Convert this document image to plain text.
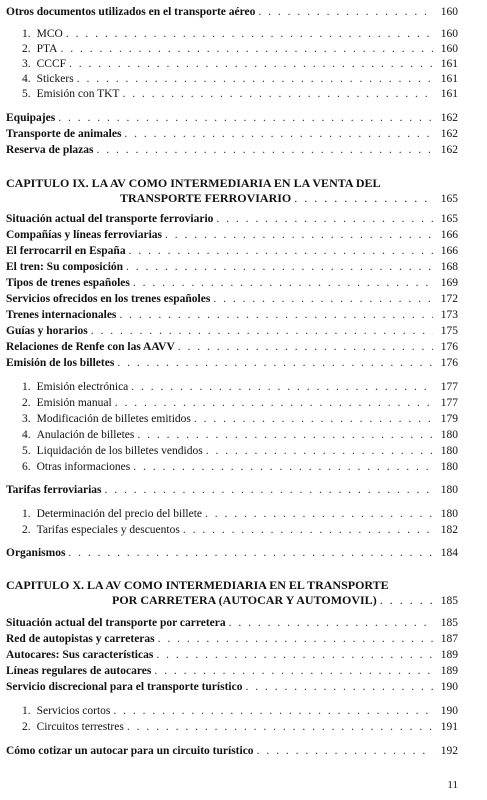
Otros documentos utilizados en el transporte aéreo . . .	160
1. MCO . . .	160
2. PTA . . .	160
3. CCCF . . .	161
4. Stickers . . .	161
5. Emisión con TKT . . .	161
Equipajes . . .	162
Transporte de animales . . .	162
Reserva de plazas . . .	162
CAPITULO IX. LA AV COMO INTERMEDIARIA EN LA VENTA DEL
TRANSPORTE FERROVIARIO . . .	165
Situación actual del transporte ferroviario . . .	165
Compañías y líneas ferroviarias . . .	166
El ferrocarril en España . . .	166
El tren: Su composición . . .	168
Tipos de trenes españoles . . .	169
Servicios ofrecidos en los trenes españoles . . .	172
Trenes internacionales . . .	173
Guías y horarios . . .	175
Relaciones de Renfe con las AAVV . . .	176
Emisión de los billetes . . .	176
1. Emisión electrónica . . .	177
2. Emisión manual . . .	177
3. Modificación de billetes emitidos . . .	179
4. Anulación de billetes . . .	180
5. Liquidación de los billetes vendidos . . .	180
6. Otras informaciones . . .	180
Tarifas ferroviarias . . .	180
1. Determinación del precio del billete . . .	180
2. Tarifas especiales y descuentos . . .	182
Organismos . . .	184
CAPITULO X. LA AV COMO INTERMEDIARIA EN EL TRANSPORTE
POR CARRETERA (AUTOCAR Y AUTOMOVIL) . . .	185
Situación actual del transporte por carretera . . .	185
Red de autopistas y carreteras . . .	187
Autocares: Sus características . . .	189
Líneas regulares de autocares . . .	189
Servicio discrecional para el transporte turístico . . .	190
1. Servicios cortos . . .	190
2. Circuitos terrestres . . .	191
Cómo cotizar un autocar para un circuito turístico . . .	192
11
